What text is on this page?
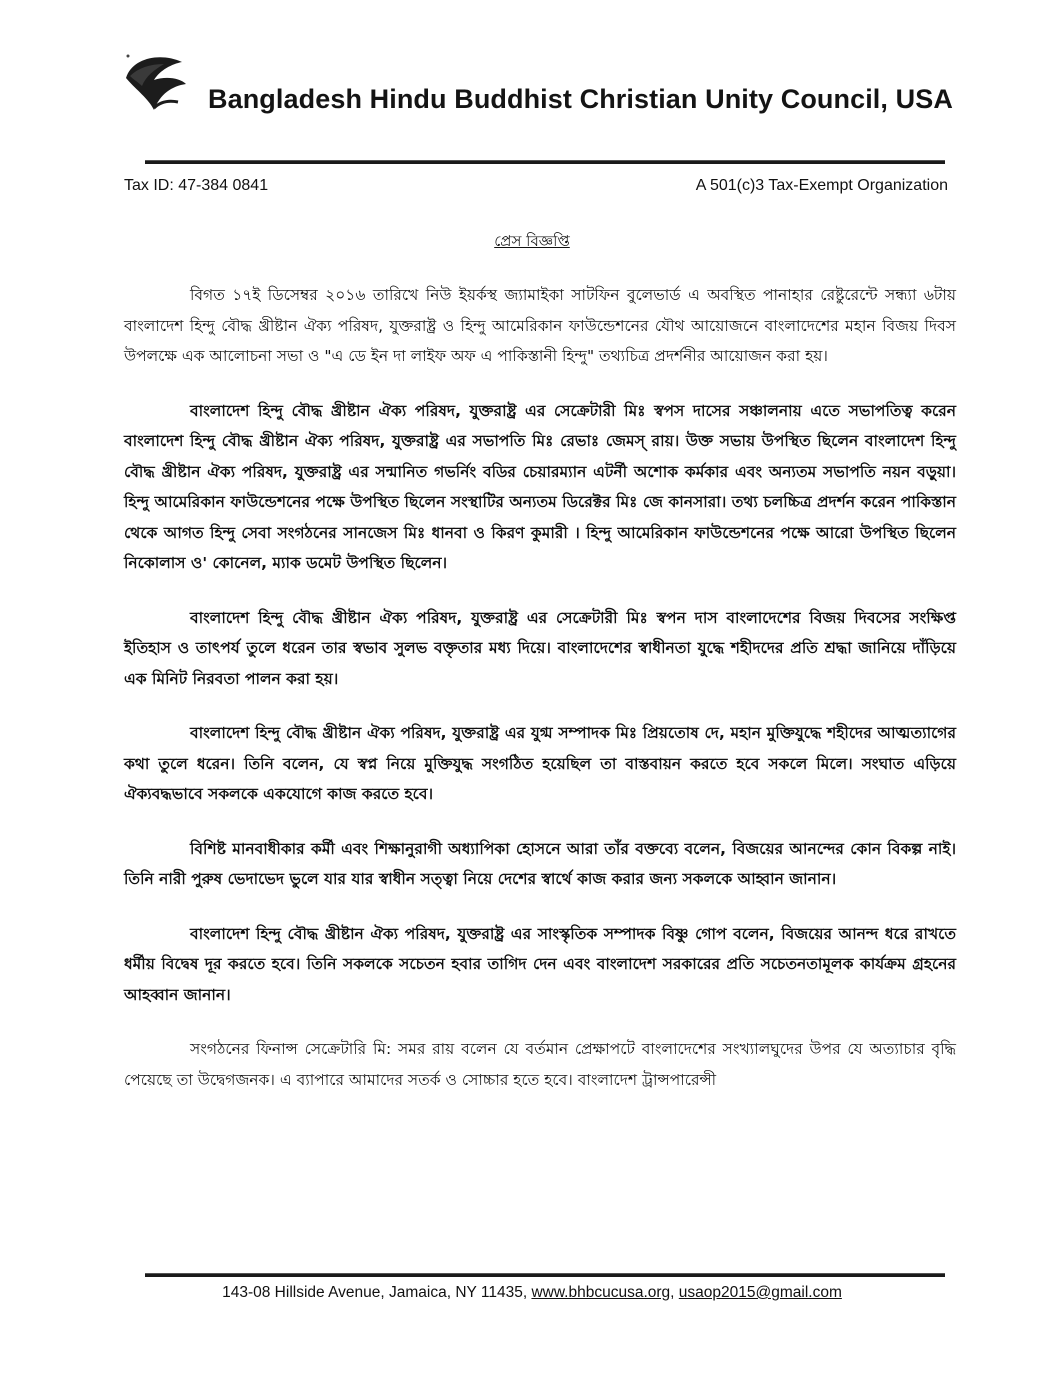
Bangladesh Hindu Buddhist Christian Unity Council, USA
Tax ID: 47-384 0841	A 501(c)3 Tax-Exempt Organization
প্রেস বিজ্ঞপ্তি

বিগত ১৭ই ডিসেম্বর ২০১৬ তারিখে নিউ ইয়র্কস্থ জ্যামাইকা সাটফিন বুলেভার্ড এ অবস্থিত পানাহার রেষ্টুরেন্টে সন্ধ্যা ৬টায় বাংলাদেশ হিন্দু বৌদ্ধ খ্রীষ্টান ঐক্য পরিষদ, যুক্তরাষ্ট্র ও হিন্দু আমেরিকান ফাউন্ডেশনের যৌথ আয়োজনে বাংলাদেশের মহান বিজয় দিবস উপলক্ষে এক আলোচনা সভা ও "এ ডে ইন দা লাইফ অফ এ পাকিস্তানী হিন্দু" তথ্যচিত্র প্রদর্শনীর আয়োজন করা হয়।

বাংলাদেশ হিন্দু বৌদ্ধ খ্রীষ্টান ঐক্য পরিষদ, যুক্তরাষ্ট্র এর সেক্রেটারী মিঃ স্বপস দাসের সঞ্চালনায় এতে সভাপতিত্ব করেন বাংলাদেশ হিন্দু বৌদ্ধ খ্রীষ্টান ঐক্য পরিষদ, যুক্তরাষ্ট্র এর সভাপতি মিঃ রেভাঃ জেমস্‌ রায়। উক্ত সভায় উপস্থিত ছিলেন বাংলাদেশ হিন্দু বৌদ্ধ খ্রীষ্টান ঐক্য পরিষদ, যুক্তরাষ্ট্র এর সন্মানিত গভর্নিং বডির চেয়ারম্যান এটর্নী অশোক কর্মকার এবং অন্যতম সভাপতি নয়ন বড়ুয়া। হিন্দু আমেরিকান ফাউন্ডেশনের পক্ষে উপস্থিত ছিলেন সংস্থাটির অন্যতম ডিরেক্টর মিঃ জে কানসারা। তথ্য চলচ্চিত্র প্রদর্শন করেন পাকিস্তান থেকে আগত হিন্দু সেবা সংগঠনের সানজেস মিঃ ধানবা ও কিরণ কুমারী । হিন্দু আমেরিকান ফাউন্ডেশনের পক্ষে আরো উপস্থিত ছিলেন নিকোলাস ও' কোনেল, ম্যাক ডমেট উপস্থিত ছিলেন।

বাংলাদেশ হিন্দু বৌদ্ধ খ্রীষ্টান ঐক্য পরিষদ, যুক্তরাষ্ট্র এর সেক্রেটারী মিঃ স্বপন দাস বাংলাদেশের বিজয় দিবসের সংক্ষিপ্ত ইতিহাস ও তাৎপর্য তুলে ধরেন তার স্বভাব সুলভ বক্তৃতার মধ্য দিয়ে। বাংলাদেশের স্বাধীনতা যুদ্ধে শহীদদের প্রতি শ্রদ্ধা জানিয়ে দাঁড়িয়ে এক মিনিট নিরবতা পালন করা হয়।

বাংলাদেশ হিন্দু বৌদ্ধ খ্রীষ্টান ঐক্য পরিষদ, যুক্তরাষ্ট্র এর যুগ্ম সম্পাদক মিঃ প্রিয়তোষ দে, মহান মুক্তিযুদ্ধে শহীদের আত্মত্যাগের কথা তুলে ধরেন। তিনি বলেন, যে স্বপ্ন নিয়ে মুক্তিযুদ্ধ সংগঠিত হয়েছিল তা বাস্তবায়ন করতে হবে সকলে মিলে। সংঘাত এড়িয়ে ঐক্যবদ্ধভাবে সকলকে একযোগে কাজ করতে হবে।

বিশিষ্ট মানবাধীকার কর্মী এবং শিক্ষানুরাগী অধ্যাপিকা হোসনে আরা তাঁর বক্তব্যে বলেন, বিজয়ের আনন্দের কোন বিকল্প নাই। তিনি নারী পুরুষ ভেদাভেদ ভুলে যার যার স্বাধীন সত্ত্বা নিয়ে দেশের স্বার্থে কাজ করার জন্য সকলকে আহ্বান জানান।

বাংলাদেশ হিন্দু বৌদ্ধ খ্রীষ্টান ঐক্য পরিষদ, যুক্তরাষ্ট্র এর সাংস্কৃতিক সম্পাদক বিষ্ণু গোপ বলেন, বিজয়ের আনন্দ ধরে রাখতে ধর্মীয় বিদ্বেষ দূর করতে হবে। তিনি সকলকে সচেতন হবার তাগিদ দেন এবং বাংলাদেশ সরকারের প্রতি সচেতনতামূলক কার্যক্রম গ্রহনের আহব্বান জানান।

সংগঠনের ফিনান্স সেক্রেটারি মি: সমর রায় বলেন যে বর্তমান প্রেক্ষাপটে বাংলাদেশের সংখ্যালঘুদের উপর যে অত্যাচার বৃদ্ধি পেয়েছে তা উদ্বেগজনক। এ ব্যাপারে আমাদের সতর্ক ও সোচ্চার হতে হবে। বাংলাদেশ ট্রান্সপারেন্সী

143-08 Hillside Avenue, Jamaica, NY 11435, www.bhbcucusa.org, usaop2015@gmail.com
